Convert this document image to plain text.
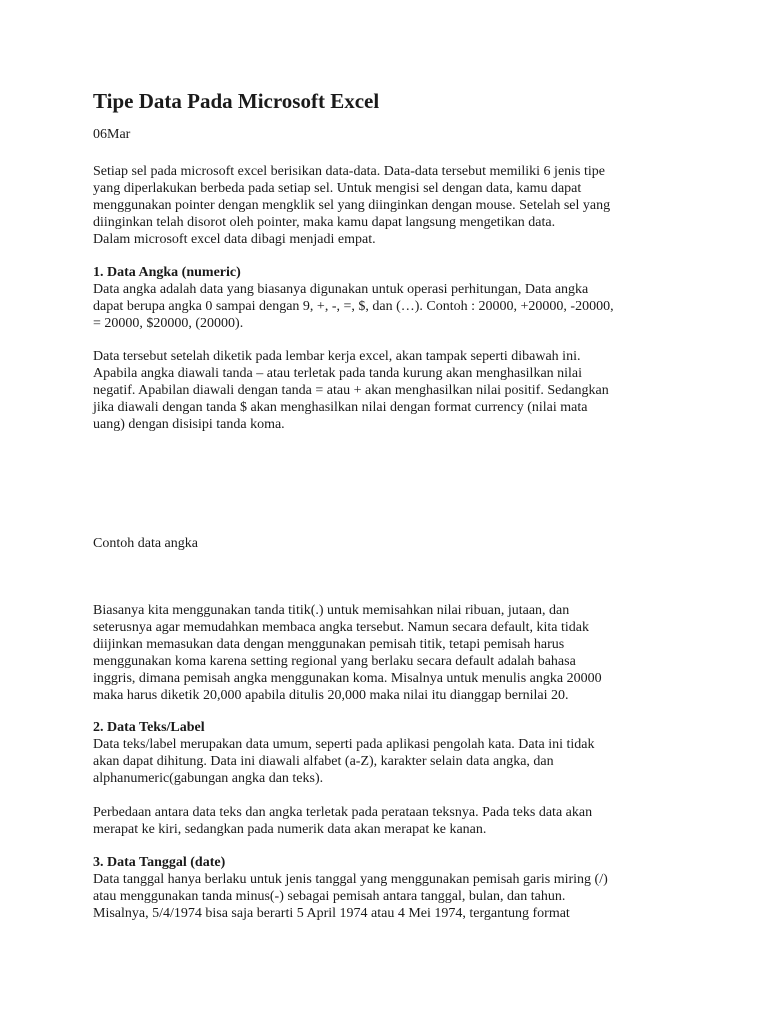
Tipe Data Pada Microsoft Excel

06Mar

Setiap sel pada microsoft excel berisikan data-data. Data-data tersebut memiliki 6 jenis tipe
yang diperlakukan berbeda pada setiap sel. Untuk mengisi sel dengan data, kamu dapat
menggunakan pointer dengan mengklik sel yang diinginkan dengan mouse. Setelah sel yang
diinginkan telah disorot oleh pointer, maka kamu dapat langsung mengetikan data.
Dalam microsoft excel data dibagi menjadi empat.

1. Data Angka (numeric)
Data angka adalah data yang biasanya digunakan untuk operasi perhitungan, Data angka
dapat berupa angka 0 sampai dengan 9, +, -, =, $, dan (…). Contoh : 20000, +20000, -20000,
= 20000, $20000, (20000).

Data tersebut setelah diketik pada lembar kerja excel, akan tampak seperti dibawah ini.
Apabila angka diawali tanda – atau terletak pada tanda kurung akan menghasilkan nilai
negatif. Apabilan diawali dengan tanda = atau + akan menghasilkan nilai positif. Sedangkan
jika diawali dengan tanda $ akan menghasilkan nilai dengan format currency (nilai mata
uang) dengan disisipi tanda koma.

Contoh data angka

Biasanya kita menggunakan tanda titik(.) untuk memisahkan nilai ribuan, jutaan, dan
seterusnya agar memudahkan membaca angka tersebut. Namun secara default, kita tidak
diijinkan memasukan data dengan menggunakan pemisah titik, tetapi pemisah harus
menggunakan koma karena setting regional yang berlaku secara default adalah bahasa
inggris, dimana pemisah angka menggunakan koma. Misalnya untuk menulis angka 20000
maka harus diketik 20,000 apabila ditulis 20,000 maka nilai itu dianggap bernilai 20.

2. Data Teks/Label
Data teks/label merupakan data umum, seperti pada aplikasi pengolah kata. Data ini tidak
akan dapat dihitung. Data ini diawali alfabet (a-Z), karakter selain data angka, dan
alphanumeric(gabungan angka dan teks).

Perbedaan antara data teks dan angka terletak pada perataan teksnya. Pada teks data akan
merapat ke kiri, sedangkan pada numerik data akan merapat ke kanan.

3. Data Tanggal (date)
Data tanggal hanya berlaku untuk jenis tanggal yang menggunakan pemisah garis miring (/)
atau menggunakan tanda minus(-) sebagai pemisah antara tanggal, bulan, dan tahun.
Misalnya, 5/4/1974 bisa saja berarti 5 April 1974 atau 4 Mei 1974, tergantung format
